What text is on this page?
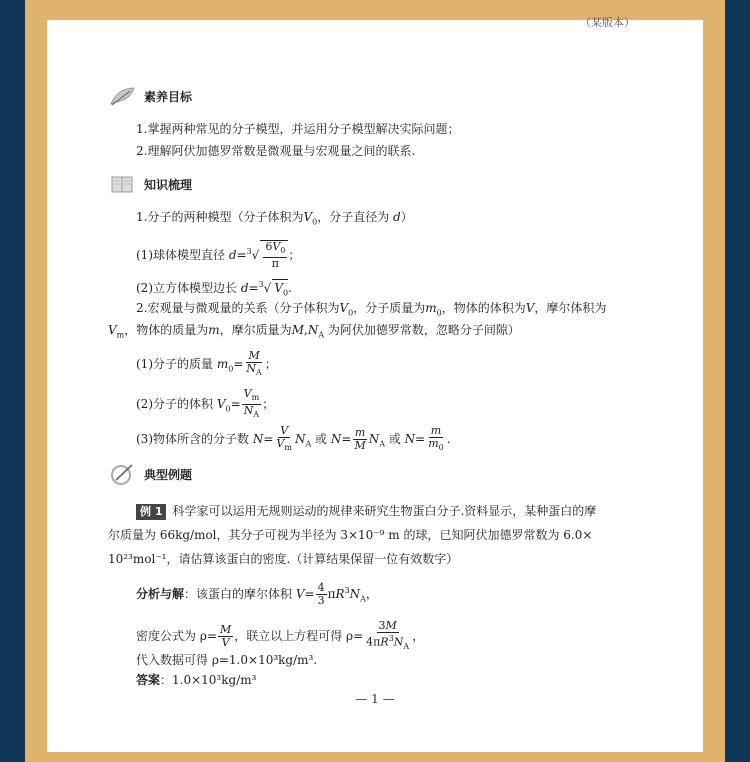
（某版本）
素养目标
1.掌握两种常见的分子模型，并运用分子模型解决实际问题；
2.理解阿伏加德罗常数是微观量与宏观量之间的联系.
知识梳理
1.分子的两种模型（分子体积为$V_0$，分子直径为 d）
(1)球体模型直径 $d=^3√ \frac{6V_0}{\pi}$ ；
(2)立方体模型边长 d=$^3$√ $V_0$.
2.宏观量与微观量的关系（分子体积为$V_0$，分子质量为$m_0$，物体的体积为V，摩尔体积为
$V_m$，物体的质量为m，摩尔质量为$M,N_A$ 为阿伏加德罗常数，忽略分子间隙）
(1)分子的质量 $m_0= \frac{M}{N_A}$ ；
(2)分子的体积 $V_0= \frac{V_m}{N_A}$ ；
(3)物体所含的分子数 $N= \frac{V}{V_m} N_A$ 或 $N= \frac{m}{M} N_A$ 或 $N= \frac{m}{m_0}$ .
典型例题
例 1 科学家可以运用无规则运动的规律来研究生物蛋白分子.资料显示，某种蛋白的摩
尔质量为 66kg/mol，其分子可视为半径为 3×10⁻⁹ m 的球，已知阿伏加德罗常数为 6.0×
10²³mol⁻¹，请估算该蛋白的密度.（计算结果保留一位有效数字）
分析与解：该蛋白的摩尔体积 $V= \frac{4}{3} \pi R^3N_A$，
密度公式为 $\rho= \frac{M}{V}$ ，联立以上方程可得 $\rho= \frac{3M}{4\pi R^3N_A}$ ，
代入数据可得 ρ=1.0×10³kg/m³.
答案：1.0×10³kg/m³
— 1 —
